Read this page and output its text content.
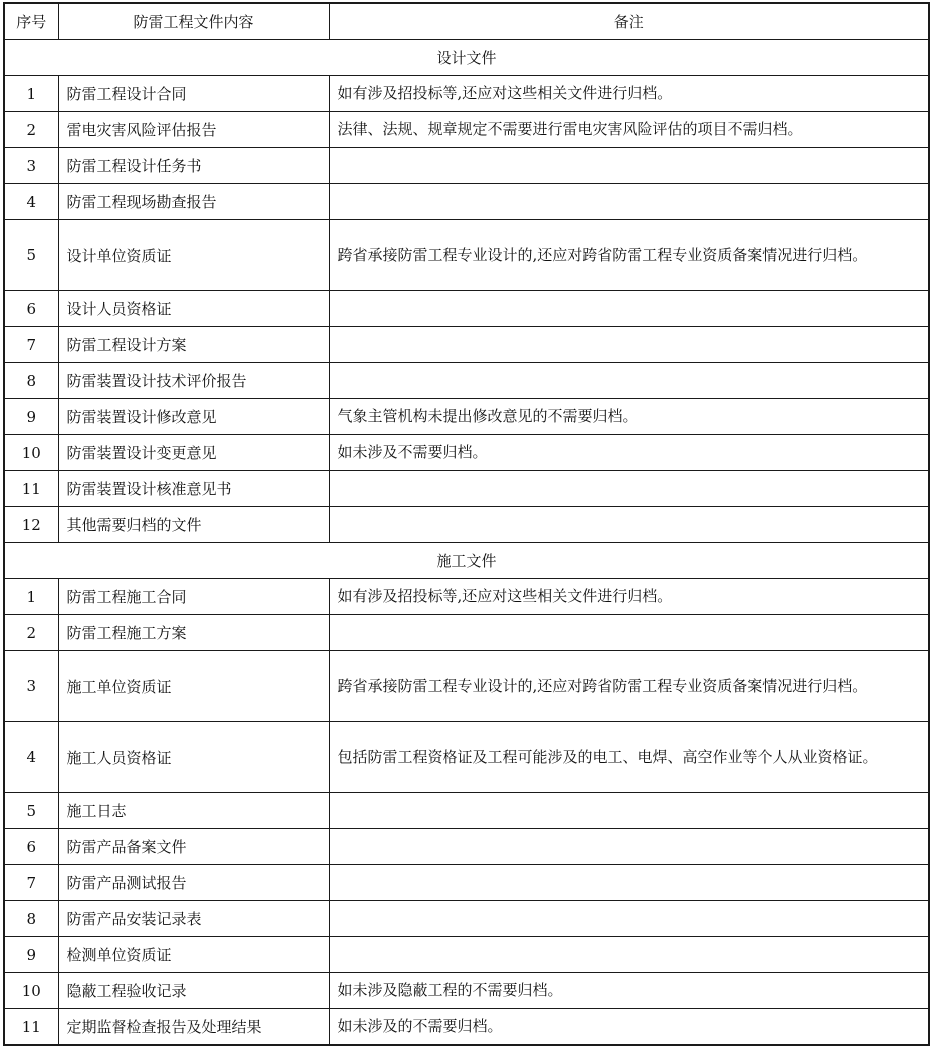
序号	防雷工程文件内容	备注
设计文件		
1	防雷工程设计合同	如有涉及招投标等,还应对这些相关文件进行归档。
2	雷电灾害风险评估报告	法律、法规、规章规定不需要进行雷电灾害风险评估的项目不需归档。
3	防雷工程设计任务书	
4	防雷工程现场勘查报告	
5	设计单位资质证	跨省承接防雷工程专业设计的,还应对跨省防雷工程专业资质备案情况进行归档。
6	设计人员资格证	
7	防雷工程设计方案	
8	防雷装置设计技术评价报告	
9	防雷装置设计修改意见	气象主管机构未提出修改意见的不需要归档。
10	防雷装置设计变更意见	如未涉及不需要归档。
11	防雷装置设计核准意见书	
12	其他需要归档的文件	
施工文件		
1	防雷工程施工合同	如有涉及招投标等,还应对这些相关文件进行归档。
2	防雷工程施工方案	
3	施工单位资质证	跨省承接防雷工程专业设计的,还应对跨省防雷工程专业资质备案情况进行归档。
4	施工人员资格证	包括防雷工程资格证及工程可能涉及的电工、电焊、高空作业等个人从业资格证。
5	施工日志	
6	防雷产品备案文件	
7	防雷产品测试报告	
8	防雷产品安装记录表	
9	检测单位资质证	
10	隐蔽工程验收记录	如未涉及隐蔽工程的不需要归档。
11	定期监督检查报告及处理结果	如未涉及的不需要归档。
